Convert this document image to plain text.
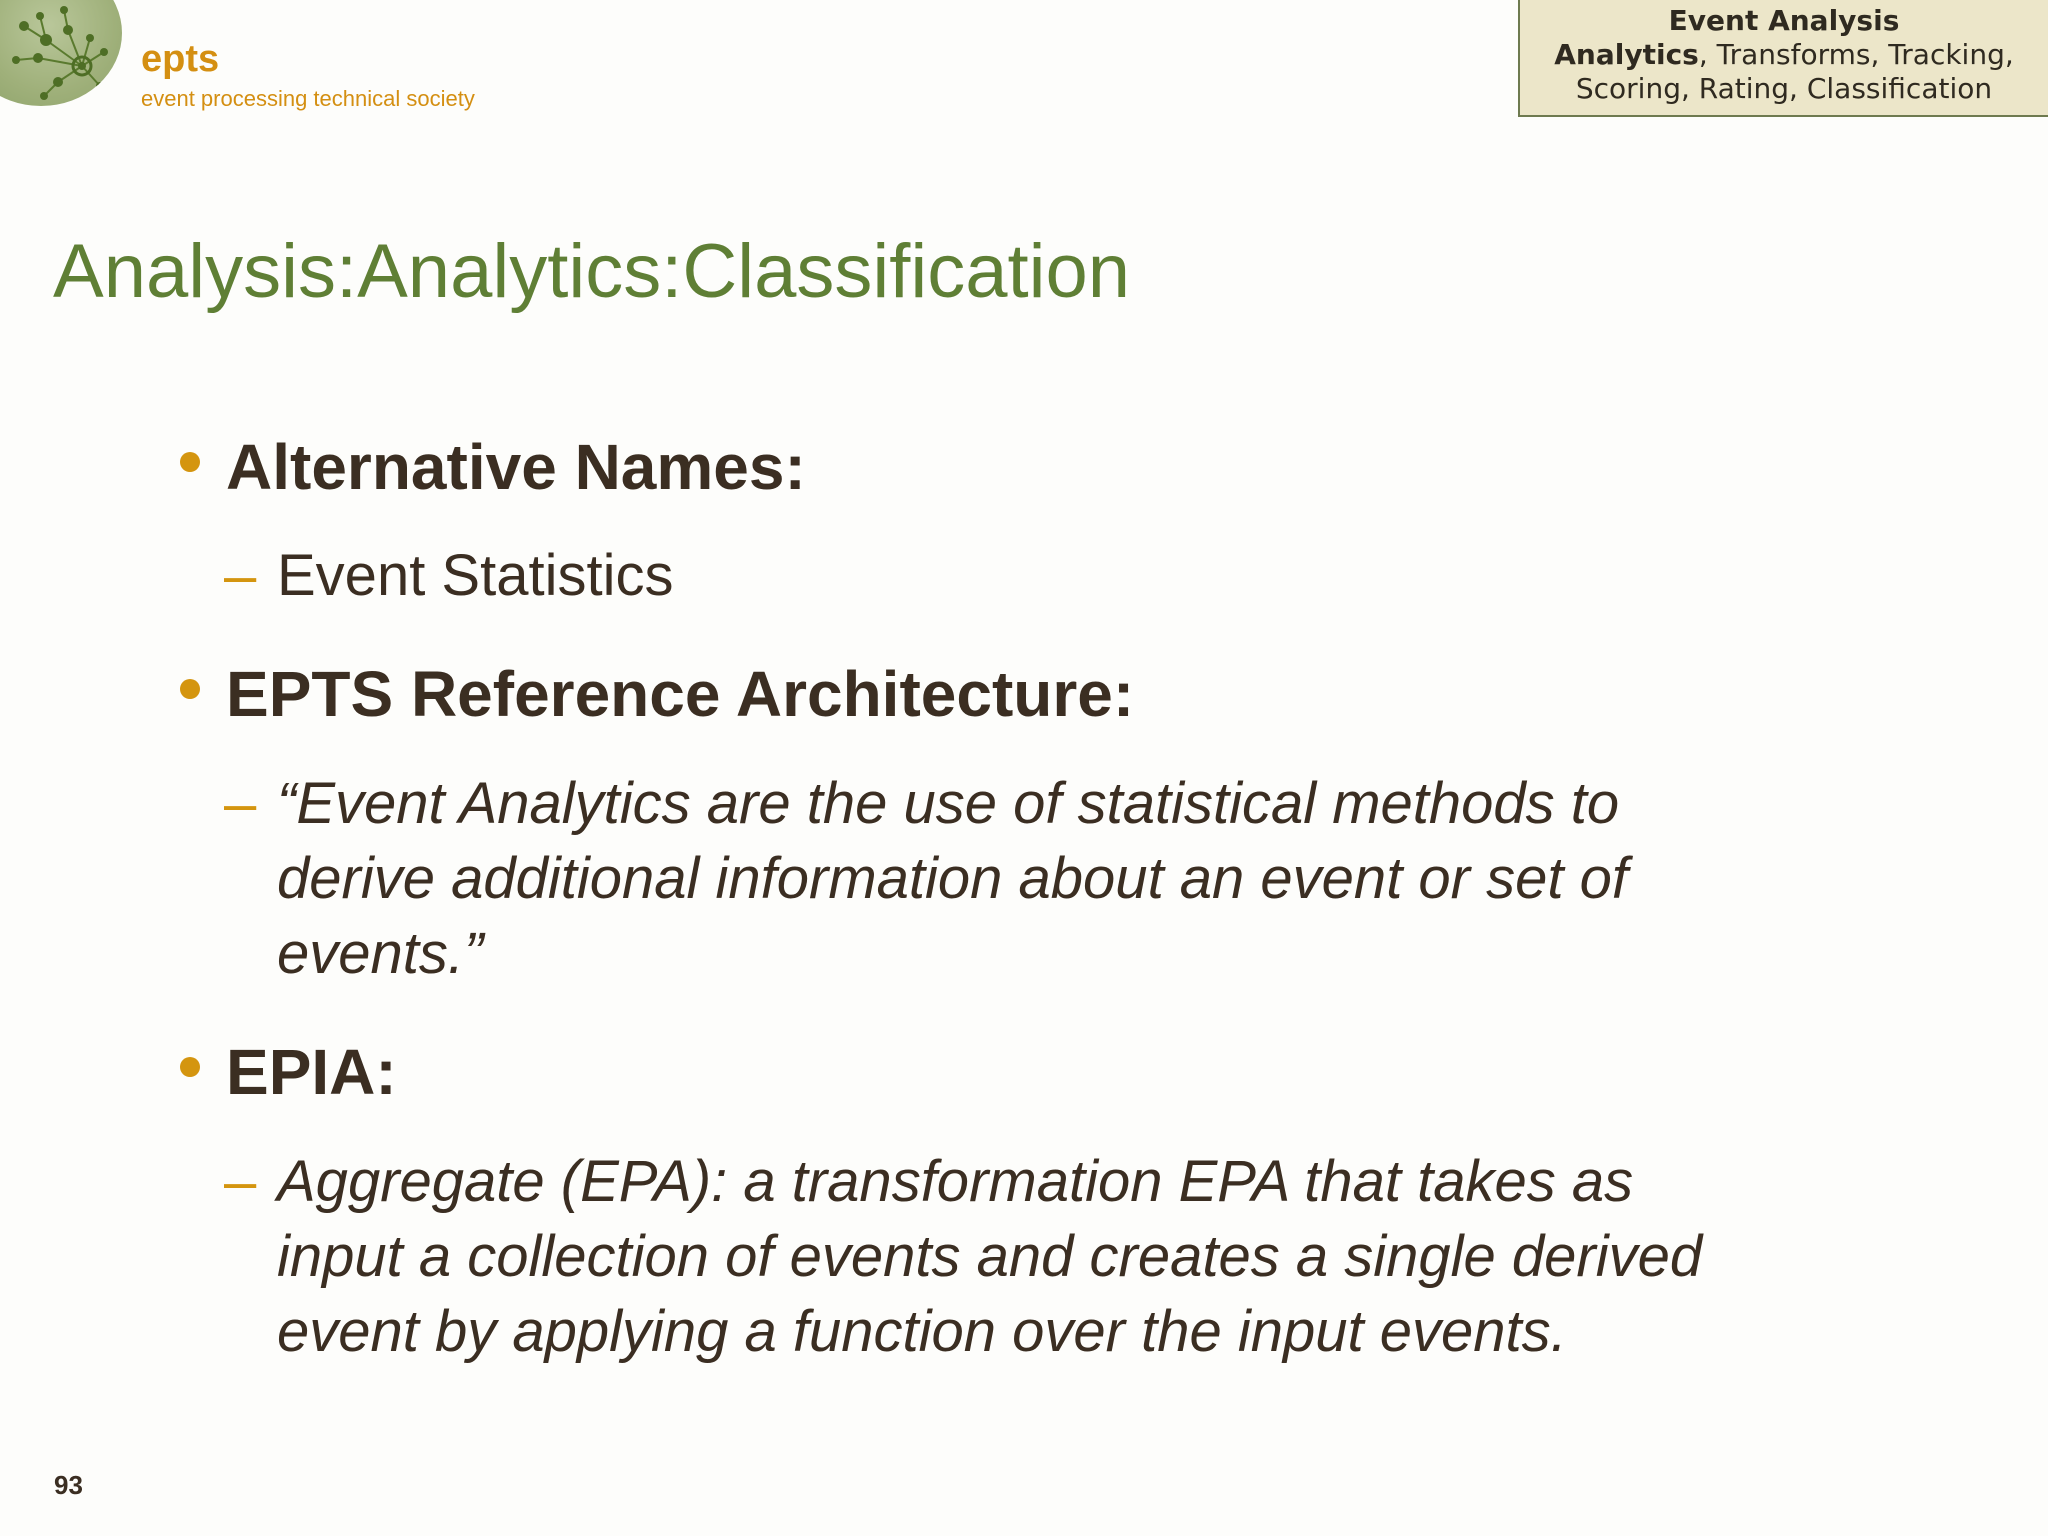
epts
event processing technical society
Event Analysis
Analytics, Transforms, Tracking,
Scoring, Rating, Classification
Analysis:Analytics:Classification
Alternative Names:
– Event Statistics
EPTS Reference Architecture:
– “Event Analytics are the use of statistical methods to
derive additional information about an event or set of
events.”
EPIA:
– Aggregate (EPA): a transformation EPA that takes as
input a collection of events and creates a single derived
event by applying a function over the input events.
93
